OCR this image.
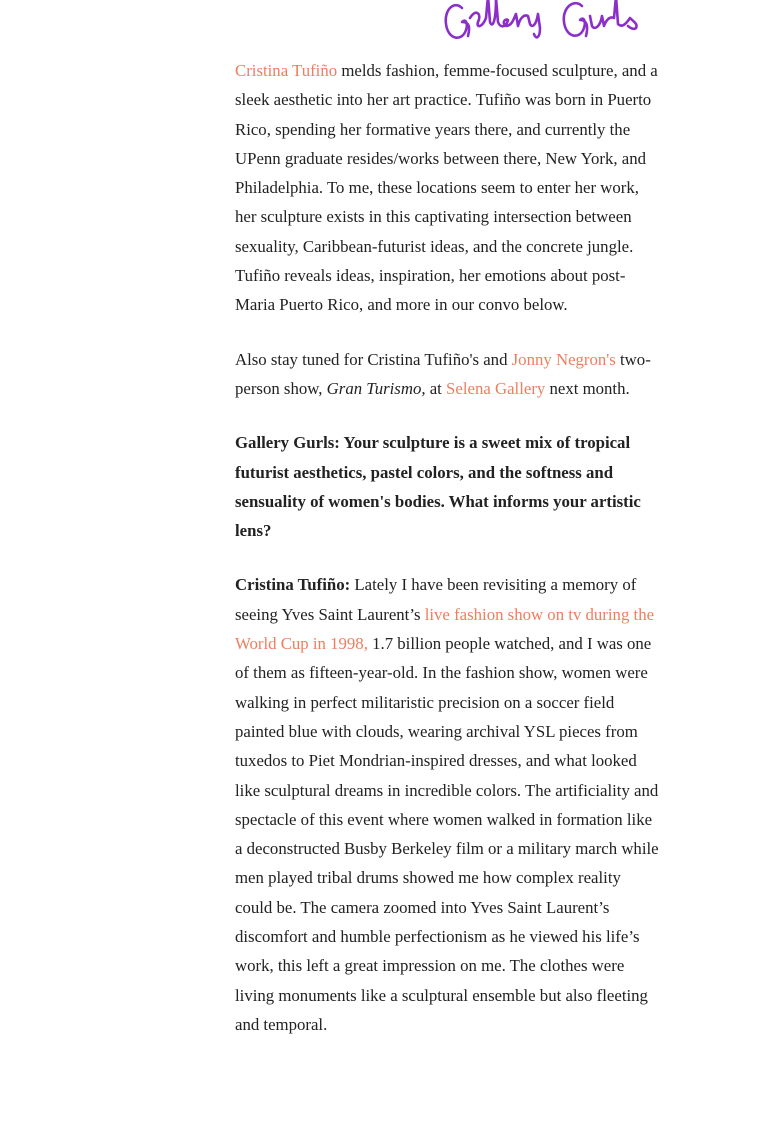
Cristina Tufiño melds fashion, femme-focused sculpture, and a sleek aesthetic into her art practice. Tufiño was born in Puerto Rico, spending her formative years there, and currently the UPenn graduate resides/works between there, New York, and Philadelphia. To me, these locations seem to enter her work, her sculpture exists in this captivating intersection between sexuality, Caribbean-futurist ideas, and the concrete jungle. Tufiño reveals ideas, inspiration, her emotions about post-Maria Puerto Rico, and more in our convo below.

Also stay tuned for Cristina Tufiño's and Jonny Negron's two-person show, Gran Turismo, at Selena Gallery next month.

Gallery Gurls: Your sculpture is a sweet mix of tropical futurist aesthetics, pastel colors, and the softness and sensuality of women's bodies. What informs your artistic lens?

Cristina Tufiño: Lately I have been revisiting a memory of seeing Yves Saint Laurent’s live fashion show on tv during the World Cup in 1998, 1.7 billion people watched, and I was one of them as fifteen-year-old. In the fashion show, women were walking in perfect militaristic precision on a soccer field painted blue with clouds, wearing archival YSL pieces from tuxedos to Piet Mondrian-inspired dresses, and what looked like sculptural dreams in incredible colors. The artificiality and spectacle of this event where women walked in formation like a deconstructed Busby Berkeley film or a military march while men played tribal drums showed me how complex reality could be. The camera zoomed into Yves Saint Laurent’s discomfort and humble perfectionism as he viewed his life’s work, this left a great impression on me. The clothes were living monuments like a sculptural ensemble but also fleeting and temporal.
